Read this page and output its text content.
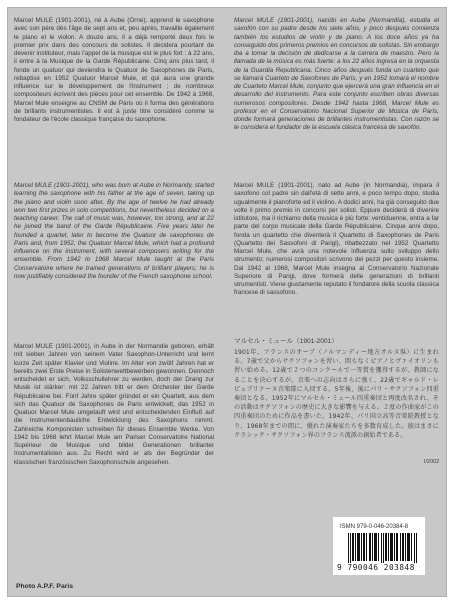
Marcel MULE (1901-2001), né à Aube (Orne), apprend le saxophone avec son père dès l'âge de sept ans et, peu après, travaille également le piano et le violon. A douze ans, il a déjà remporté deux fois le premier prix dans des concours de solistes. Il décidera pourtant de devenir instituteur, mais l'appel de la musique est le plus fort : à 22 ans, il entre à la Musique de la Garde Républicaine. Cinq ans plus tard, il fonde un quatuor qui deviendra le Quatuor de Saxophones de Paris, rebaptisé en 1952 Quatuor Marcel Mule, et qui aura une grande influence sur le développement de l'instrument ; de nombreux compositeurs écrivent des pièces pour cet ensemble. De 1942 à 1968, Marcel Mule enseigne au CNSM de Paris où il forma des générations de brillants instrumentistes. Il est à juste titre considéré comme le fondateur de l'école classique française du saxophone.

Marcel MULE (1901-2001), who was born at Aube in Normandy, started learning the saxophone with his father at the age of seven, taking up the piano and violin soon after. By the age of twelve he had already won two first prizes in solo competitions, but nevertheless decided on a teaching career. The call of music was, however, too strong, and at 22 he joined the band of the Garde Républicaine. Five years later he founded a quartet, later to become the Quatuor de saxophones de Paris and, from 1952, the Quatuor Marcel Mule, which had a profound influence on the instrument, with several composers writing for the ensemble. From 1942 to 1968 Marcel Mule taught at the Paris Conservatoire where he trained generations of brilliant players; he is now justifiably considered the founder of the French saxophone school.

Marcel MULE (1901-2001), in Aube in der Normandie geboren, erhält mit sieben Jahren von seinem Vater Saxophon-Unterricht und lernt kurze Zeit später Klavier und Violine. Im Alter von zwölf Jahren hat er bereits zwei Erste Preise in Solistenwettbewerben gewonnen. Dennoch entscheidet er sich, Volksschullehrer zu werden, doch der Drang zur Musik ist stärker: mit 22 Jahren tritt er dem Orchester der Garde Républicaine bei. Fünf Jahre später gründet er ein Quartett, aus dem sich das Quatuor de Saxophones de Paris entwickelt, das 1952 in Quatuor Marcel Mule umgetauft wird und entscheidenden Einfluß auf die Instrumentenbauliche Entwicklung des Saxophons nimmt. Zahlreiche Komponisten schreiben für dieses Ensemble Werke. Von 1942 bis 1968 lehrt Marcel Mule am Pariser Conservatoire National Supérieur de Musique und bildet Generationen brillanter Instrumentalisten aus. Zu Recht wird er als der Begründer der klassischen französischen Saxophonschule angesehen.

Marcel MULE (1901-2001), nacido en Aube (Normandía), estudia el saxofón con su padre desde los siete años, y poco después comienza también los estudios de violín y de piano. A los doce años ya ha conseguido dos primeros premios en concursos de solistas. Sin embargo iba a tomar la decisión de dedicarse a la carrera de maestro. Pero la llamada de la música es más fuerte: a los 22 años ingresa en la orquesta de la Guardia Republicana. Cinco años después funda un cuarteto que se llamará Cuarteto de Saxofones de París, y en 1952 tomará el nombre de Cuarteto Marcel Mule, conjunto que ejercerá una gran influencia en el desarrollo del instrumento. Para este conjunto escriben obras diversas numerosos compositores. Desde 1942 hasta 1968, Marcel Mule es profesor en el Conservatorio Nacional Superior de Música de París, donde formará generaciones de brillantes instrumentistas. Con razón se le considera el fundador de la escuela clásica francesa de saxofón.

Marcel MULE (1901-2001), nato ad Aube (in Normandia), impara il saxofono col padre sin dall'età di sette anni, e poco tempo dopo, studia ugualmente il pianoforte ed il violino. A dodici anni, ha già conseguito due volte il primo premio in concorsi per solisti. Eppure deciderà di divenire istitutore, ma il richiamo della musica è più forte: ventiduenne, entra a far parte del corpo musicale della Garde Républicaine. Cinque anni dopo, fonda un quartetto che diventerà il Quartetto di Saxophones de Paris (Quartetto dei Sassofoni di Parigi), ribattezzato nel 1952 Quartetto Marcel Mule, che avrà una notevole influenza sullo sviluppo dello strumento; numerosi compositori scrivono dei pezzi per questo insieme. Dal 1942 al 1968, Marcel Mule insegna al Conservatorio Nazionale Superiore di Parigi, dove formerà delle generazioni di brillanti strumentisti. Viene giustamente reputato il fondatore della scuola classica francese di sassofono.

マルセル・ミュール（1901-2001）

1901年、フランスのオーブ（ノルマンディー地方オルヌ県）に生まれる。7歳で父からサクソフォンを習い、間もなくピアノとヴァイオリンも習い始める。12歳で２つのコンクールで一等賞を獲得するが、教師になることを決心するが、音楽への志向はさらに強く、22歳でギャルド・レピュブリケーヌ音楽隊に入団する。5年後、後にパリ・サクソフォン四重奏団となる、1952年にマルセル・ミュール四重奏団と再度改名され、その活動はサクソフォンの歴史に大きな影響を与える。２度の作曲家がこの四重奏団のために作品を書いた。1942年、パリ国立高等音楽院教授となり、1968年までの間に、優れた演奏家たちを多数育成した。彼はまさにクラシック・サクソフォン界のフランス流派の創始者である。

I/2002

Photo A.P.F. Paris

ISMN 979-0-046-20384-8

9 790046 203848
